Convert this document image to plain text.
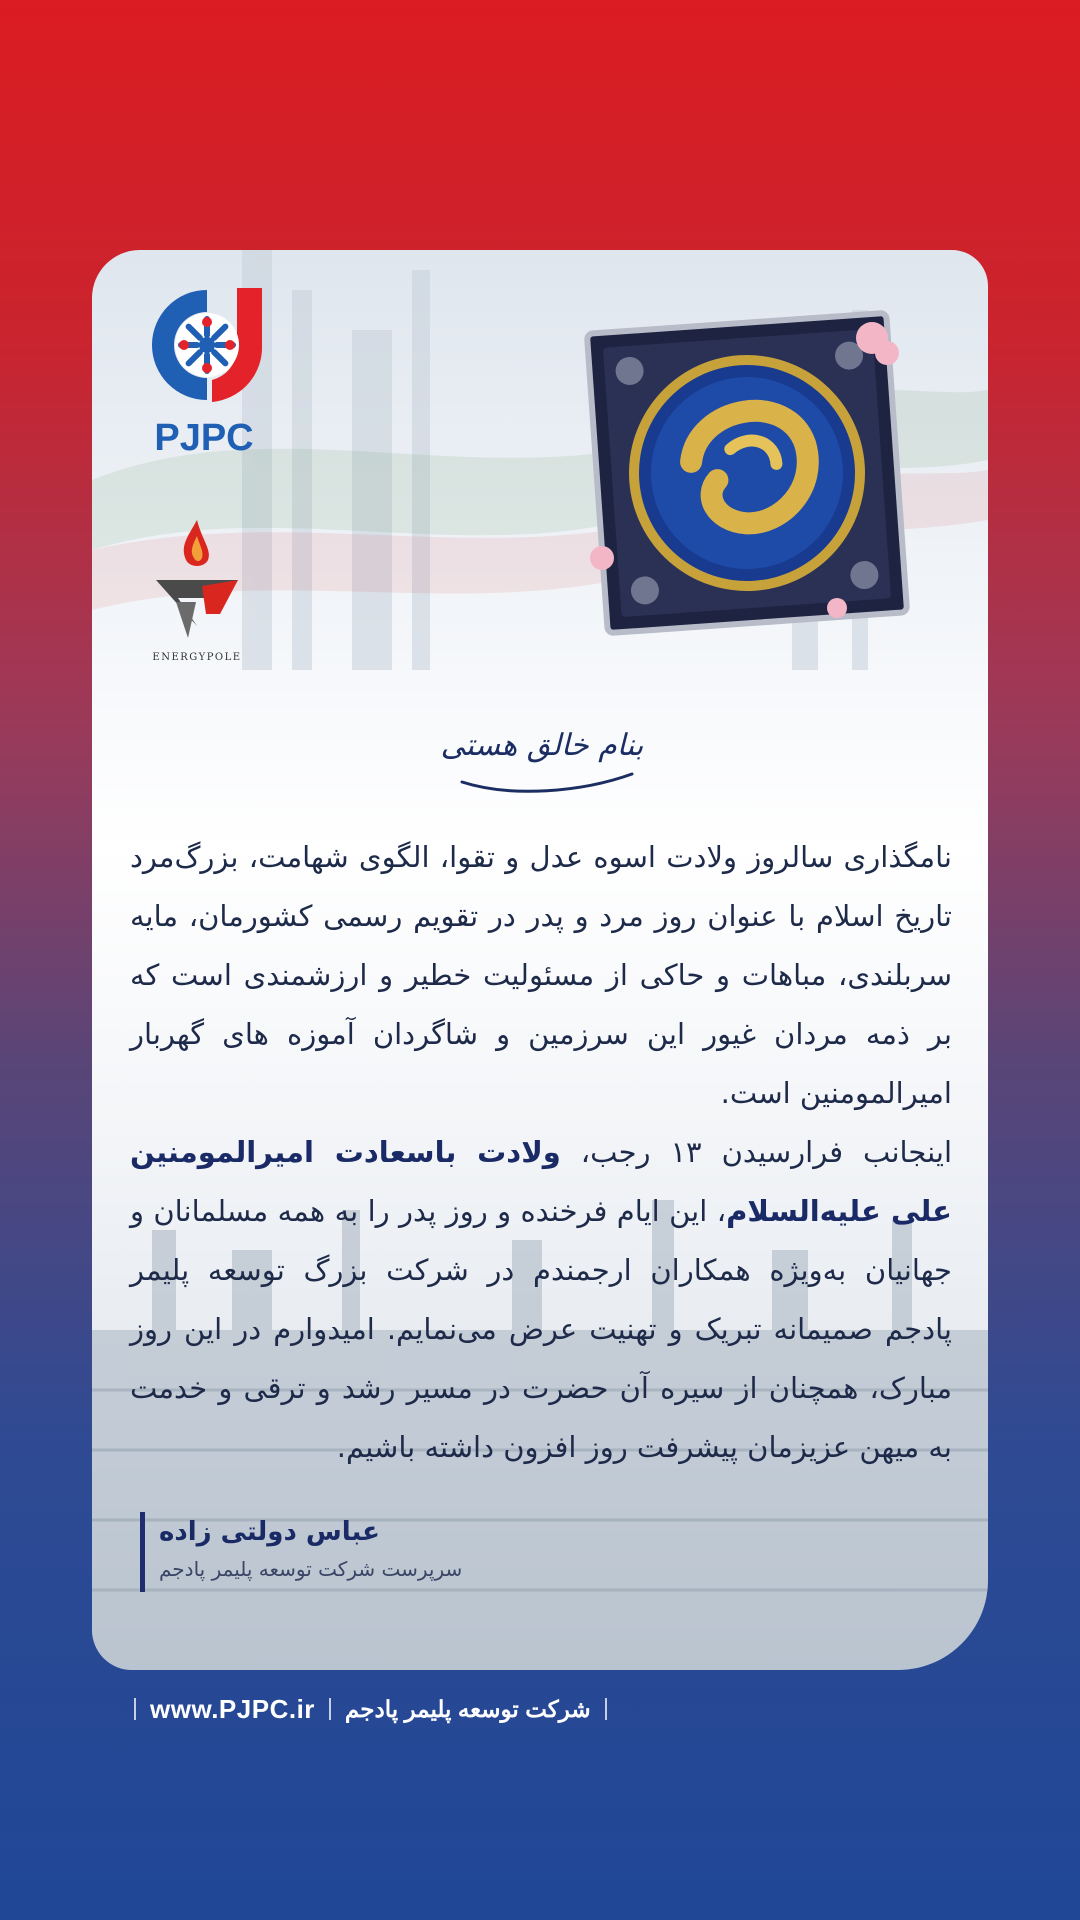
PJPC
ENERGYPOLE
بنام خالق هستی

نامگذاری سالروز ولادت اسوه عدل و تقوا، الگوی شهامت، بزرگ‌مرد تاریخ اسلام با عنوان روز مرد و پدر در تقویم رسمی کشورمان، مایه سربلندی، مباهات و حاکی از مسئولیت خطیر و ارزشمندی است که بر ذمه مردان غیور این سرزمین و شاگردان آموزه های گهربار امیرالمومنین است.

اینجانب فرارسیدن ۱۳ رجب، ولادت باسعادت امیرالمومنین علی علیه‌السلام، این ایام فرخنده و روز پدر را به همه مسلمانان و جهانیان به‌ویژه همکاران ارجمندم در شرکت بزرگ توسعه پلیمر پادجم صمیمانه تبریک و تهنیت عرض می‌نمایم. امیدوارم در این روز مبارک، همچنان از سیره آن حضرت در مسیر رشد و ترقی و خدمت به میهن عزیزمان پیشرفت روز افزون داشته باشیم.

عباس دولتی زاده
سرپرست شرکت توسعه پلیمر پادجم
www.PJPC.ir شرکت توسعه پلیمر پادجم
